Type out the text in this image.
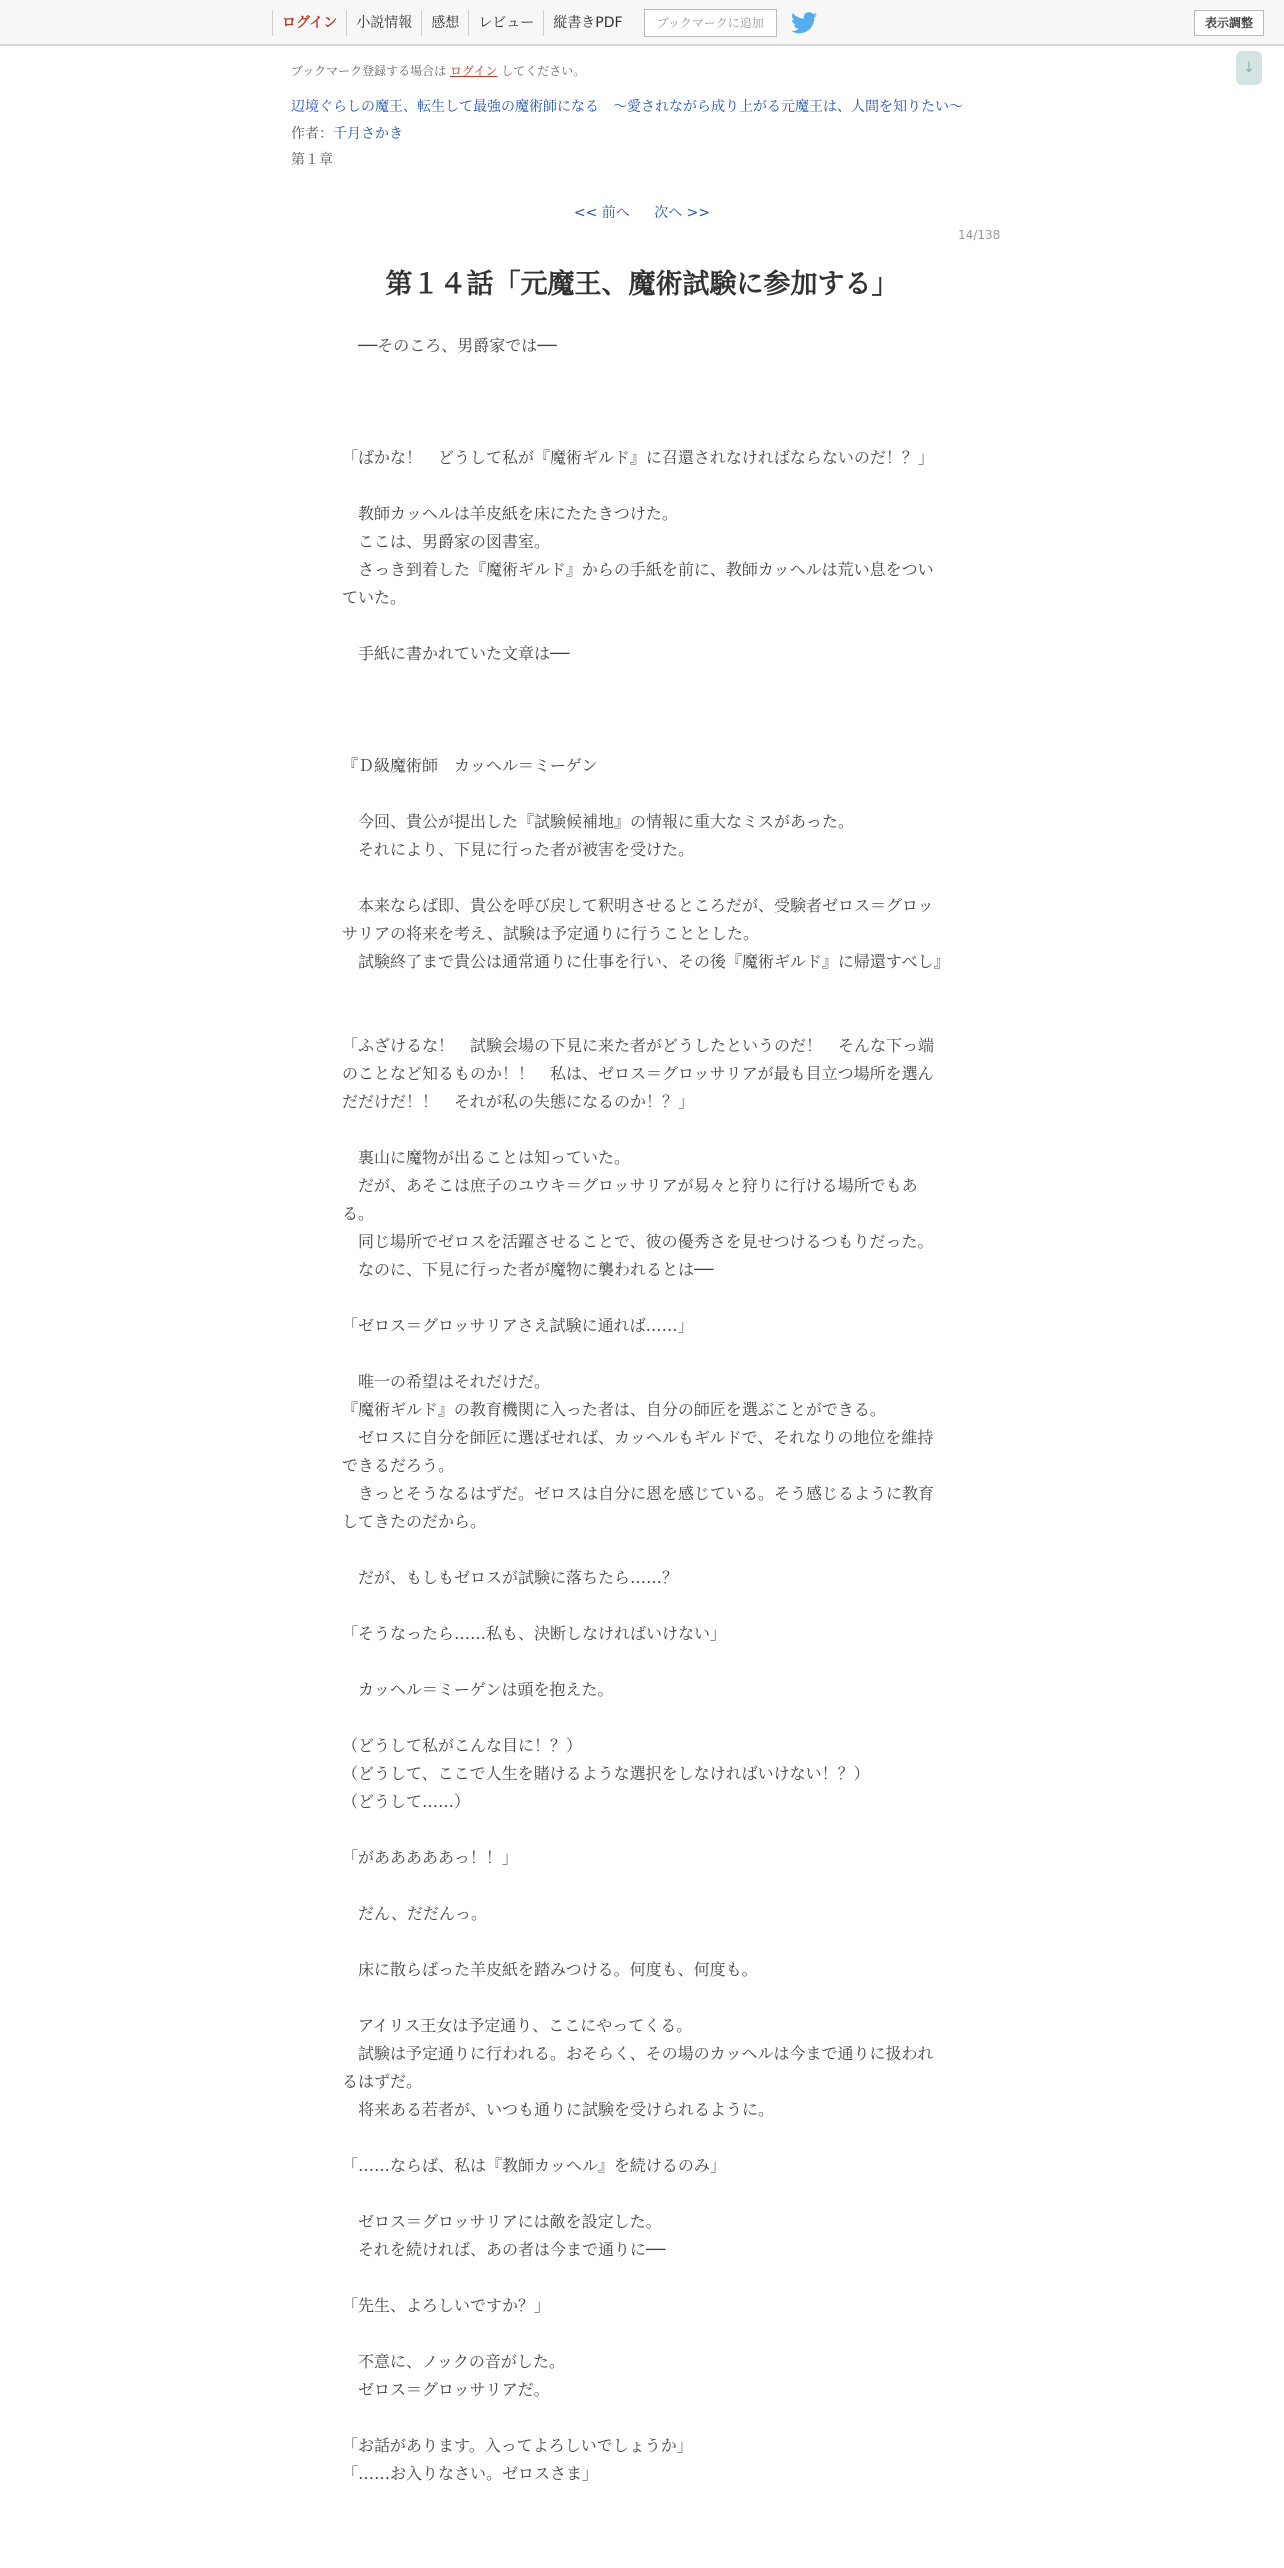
ログイン	小説情報	感想	レビュー	縦書きPDF	ブックマークに追加	表示調整
↓
ブックマーク登録する場合は ログイン してください。
辺境ぐらしの魔王、転生して最強の魔術師になる　〜愛されながら成り上がる元魔王は、人間を知りたい〜
作者：千月さかき
第１章
<< 前へ 次へ >>
14/138
第１４話「元魔王、魔術試験に参加する」

　──そのころ、男爵家では──

「ばかな！　どうして私が『魔術ギルド』に召還されなければならないのだ！？」

　教師カッヘルは羊皮紙を床にたたきつけた。

　ここは、男爵家の図書室。

　さっき到着した『魔術ギルド』からの手紙を前に、教師カッヘルは荒い息をついていた。

　手紙に書かれていた文章は──

『Ｄ級魔術師　カッヘル＝ミーゲン

　今回、貴公が提出した『試験候補地』の情報に重大なミスがあった。

　それにより、下見に行った者が被害を受けた。

　本来ならば即、貴公を呼び戻して釈明させるところだが、受験者ゼロス＝グロッサリアの将来を考え、試験は予定通りに行うこととした。

　試験終了まで貴公は通常通りに仕事を行い、その後『魔術ギルド』に帰還すべし』

「ふざけるな！　試験会場の下見に来た者がどうしたというのだ！　そんな下っ端のことなど知るものか！！　私は、ゼロス＝グロッサリアが最も目立つ場所を選んだだけだ！！　それが私の失態になるのか！？」

　裏山に魔物が出ることは知っていた。

　だが、あそこは庶子のユウキ＝グロッサリアが易々と狩りに行ける場所でもある。

　同じ場所でゼロスを活躍させることで、彼の優秀さを見せつけるつもりだった。

　なのに、下見に行った者が魔物に襲われるとは──

「ゼロス＝グロッサリアさえ試験に通れば……」

　唯一の希望はそれだけだ。

『魔術ギルド』の教育機関に入った者は、自分の師匠を選ぶことができる。

　ゼロスに自分を師匠に選ばせれば、カッヘルもギルドで、それなりの地位を維持できるだろう。

　きっとそうなるはずだ。ゼロスは自分に恩を感じている。そう感じるように教育してきたのだから。

　だが、もしもゼロスが試験に落ちたら……？

「そうなったら……私も、決断しなければいけない」

　カッヘル＝ミーゲンは頭を抱えた。

（どうして私がこんな目に！？）

（どうして、ここで人生を賭けるような選択をしなければいけない！？）

（どうして……）

「があああああっ！！」

　だん、だだんっ。

　床に散らばった羊皮紙を踏みつける。何度も、何度も。

　アイリス王女は予定通り、ここにやってくる。

　試験は予定通りに行われる。おそらく、その場のカッヘルは今まで通りに扱われるはずだ。

　将来ある若者が、いつも通りに試験を受けられるように。

「……ならば、私は『教師カッヘル』を続けるのみ」

　ゼロス＝グロッサリアには敵を設定した。

　それを続ければ、あの者は今まで通りに──

「先生、よろしいですか？」

　不意に、ノックの音がした。

　ゼロス＝グロッサリアだ。

「お話があります。入ってよろしいでしょうか」

「……お入りなさい。ゼロスさま」
